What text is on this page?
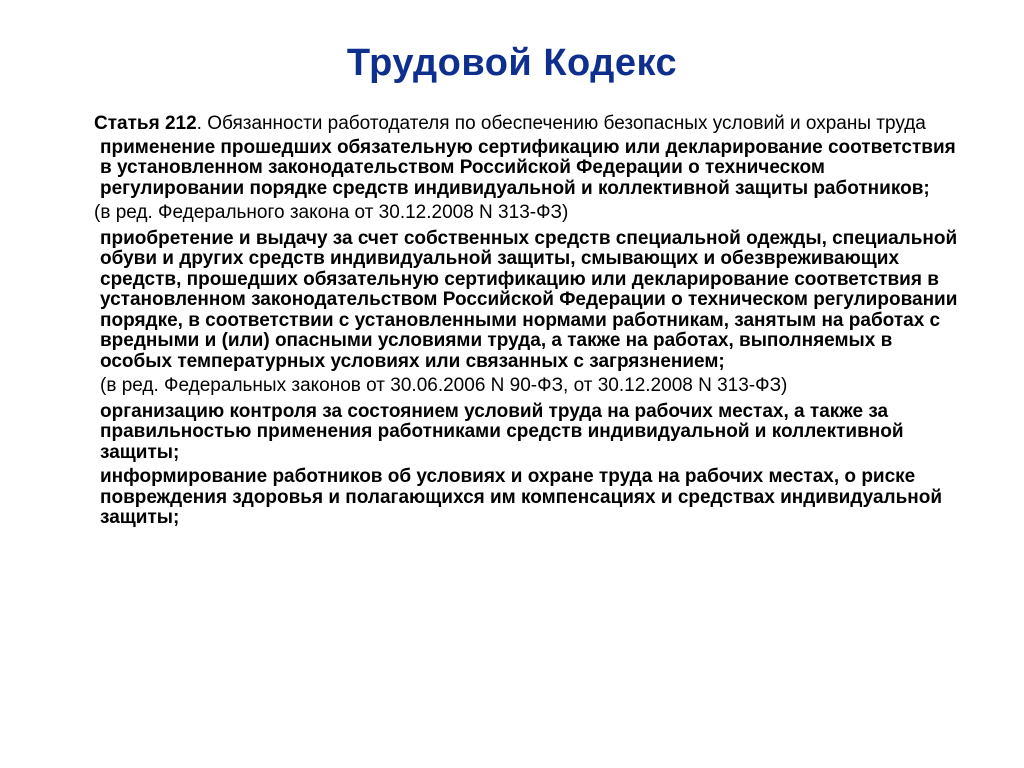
Трудовой Кодекс

Статья 212. Обязанности работодателя по обеспечению безопасных условий и охраны труда

применение прошедших обязательную сертификацию или декларирование соответствия в установленном законодательством Российской Федерации о техническом регулировании порядке средств индивидуальной и коллективной защиты работников;

(в ред. Федерального закона от 30.12.2008 N 313-ФЗ)

приобретение и выдачу за счет собственных средств специальной одежды, специальной обуви и других средств индивидуальной защиты, смывающих и обезвреживающих средств, прошедших обязательную сертификацию или декларирование соответствия в установленном законодательством Российской Федерации о техническом регулировании порядке, в соответствии с установленными нормами работникам, занятым на работах с вредными и (или) опасными условиями труда, а также на работах, выполняемых в особых температурных условиях или связанных с загрязнением;

(в ред. Федеральных законов от 30.06.2006 N 90-ФЗ, от 30.12.2008 N 313-ФЗ)

организацию контроля за состоянием условий труда на рабочих местах, а также за правильностью применения работниками средств индивидуальной и коллективной защиты;

информирование работников об условиях и охране труда на рабочих местах, о риске повреждения здоровья и полагающихся им компенсациях и средствах индивидуальной защиты;
